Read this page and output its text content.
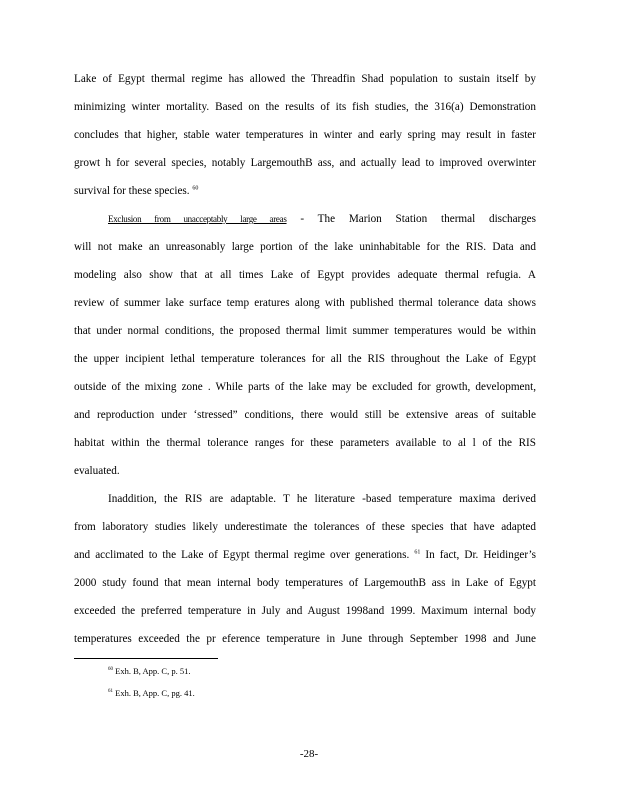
Lake of Egypt thermal regime has allowed the Threadfin Shad population to sustain itself by
minimizing winter mortality. Based on the results of its fish studies, the 316(a) Demonstration
concludes that higher, stable water temperatures in winter and early spring may result in faster
growt h for several species, notably LargemouthB ass, and actually lead to improved overwinter
survival for these species. $^{60}$
Exclusion from unacceptably large areas - The Marion Station thermal discharges
will not make an unreasonably large portion of the lake uninhabitable for the RIS. Data and
modeling also show that at all times Lake of Egypt provides adequate thermal refugia. A
review of summer lake surface temp eratures along with published thermal tolerance data shows
that under normal conditions, the proposed thermal limit summer temperatures would be within
the upper incipient lethal temperature tolerances for all the RIS throughout the Lake of Egypt
outside of the mixing zone . While parts of the lake may be excluded for growth, development,
and reproduction under ‘stressed” conditions, there would still be extensive areas of suitable
habitat within the thermal tolerance ranges for these parameters available to al l of the RIS
evaluated.
Inaddition, the RIS are adaptable. T he literature -based temperature maxima derived
from laboratory studies likely underestimate the tolerances of these species that have adapted
and acclimated to the Lake of Egypt thermal regime over generations. $^{61}$ In fact, Dr. Heidinger’s
2000 study found that mean internal body temperatures of LargemouthB ass in Lake of Egypt
exceeded the preferred temperature in July and August 1998and 1999. Maximum internal body
temperatures exceeded the pr eference temperature in June through September 1998 and June
$^{60}$ Exh. B, App. C, p. 51.
$^{61}$ Exh. B, App. C, pg. 41.
-28-
